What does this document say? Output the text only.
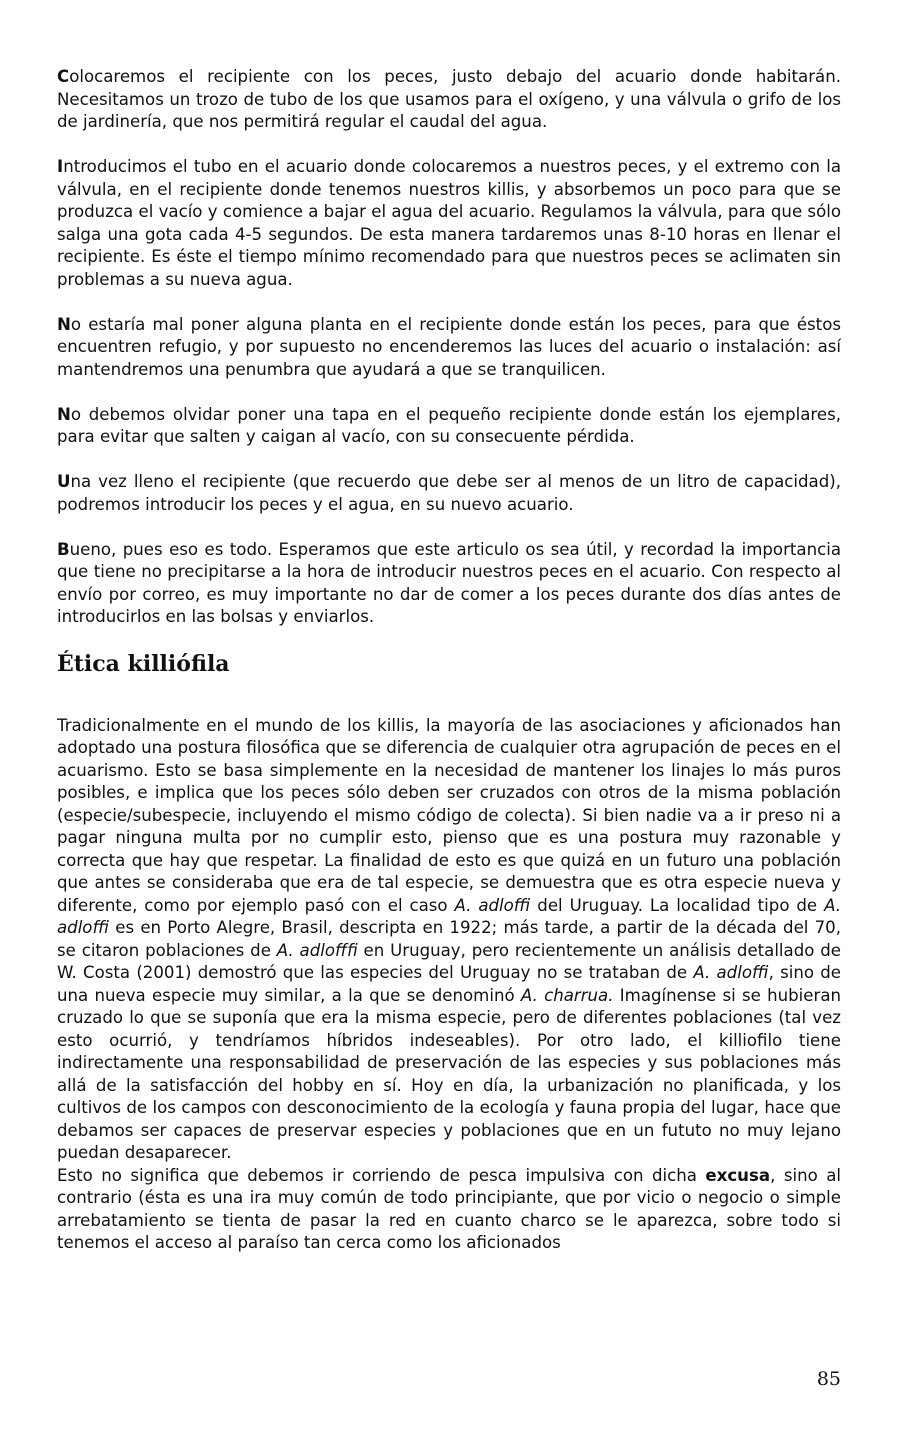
Colocaremos el recipiente con los peces, justo debajo del acuario donde habitarán. Necesitamos un trozo de tubo de los que usamos para el oxígeno, y una válvula o grifo de los de jardinería, que nos permitirá regular el caudal del agua.

Introducimos el tubo en el acuario donde colocaremos a nuestros peces, y el extremo con la válvula, en el recipiente donde tenemos nuestros killis, y absorbemos un poco para que se produzca el vacío y comience a bajar el agua del acuario. Regulamos la válvula, para que sólo salga una gota cada 4-5 segundos. De esta manera tardaremos unas 8-10 horas en llenar el recipiente. Es éste el tiempo mínimo recomendado para que nuestros peces se aclimaten sin problemas a su nueva agua.

No estaría mal poner alguna planta en el recipiente donde están los peces, para que éstos encuentren refugio, y por supuesto no encenderemos las luces del acuario o instalación: así mantendremos una penumbra que ayudará a que se tranquilicen.

No debemos olvidar poner una tapa en el pequeño recipiente donde están los ejemplares, para evitar que salten y caigan al vacío, con su consecuente pérdida.

Una vez lleno el recipiente (que recuerdo que debe ser al menos de un litro de capacidad), podremos introducir los peces y el agua, en su nuevo acuario.

Bueno, pues eso es todo. Esperamos que este articulo os sea útil, y recordad la importancia que tiene no precipitarse a la hora de introducir nuestros peces en el acuario. Con respecto al envío por correo, es muy importante no dar de comer a los peces durante dos días antes de introducirlos en las bolsas y enviarlos.

Ética killiófila

Tradicionalmente en el mundo de los killis, la mayoría de las asociaciones y aficionados han adoptado una postura filosófica que se diferencia de cualquier otra agrupación de peces en el acuarismo. Esto se basa simplemente en la necesidad de mantener los linajes lo más puros posibles, e implica que los peces sólo deben ser cruzados con otros de la misma población (especie/subespecie, incluyendo el mismo código de colecta). Si bien nadie va a ir preso ni a pagar ninguna multa por no cumplir esto, pienso que es una postura muy razonable y correcta que hay que respetar. La finalidad de esto es que quizá en un futuro una población que antes se consideraba que era de tal especie, se demuestra que es otra especie nueva y diferente, como por ejemplo pasó con el caso A. adloffi del Uruguay. La localidad tipo de A. adloffi es en Porto Alegre, Brasil, descripta en 1922; más tarde, a partir de la década del 70, se citaron poblaciones de A. adlofffi en Uruguay, pero recientemente un análisis detallado de W. Costa (2001) demostró que las especies del Uruguay no se trataban de A. adloffi, sino de una nueva especie muy similar, a la que se denominó A. charrua. Imagínense si se hubieran cruzado lo que se suponía que era la misma especie, pero de diferentes poblaciones (tal vez esto ocurrió, y tendríamos híbridos indeseables). Por otro lado, el killiofilo tiene indirectamente una responsabilidad de preservación de las especies y sus poblaciones más allá de la satisfacción del hobby en sí. Hoy en día, la urbanización no planificada, y los cultivos de los campos con desconocimiento de la ecología y fauna propia del lugar, hace que debamos ser capaces de preservar especies y poblaciones que en un fututo no muy lejano puedan desaparecer.

Esto no significa que debemos ir corriendo de pesca impulsiva con dicha excusa, sino al contrario (ésta es una ira muy común de todo principiante, que por vicio o negocio o simple arrebatamiento se tienta de pasar la red en cuanto charco se le aparezca, sobre todo si tenemos el acceso al paraíso tan cerca como los aficionados

85
